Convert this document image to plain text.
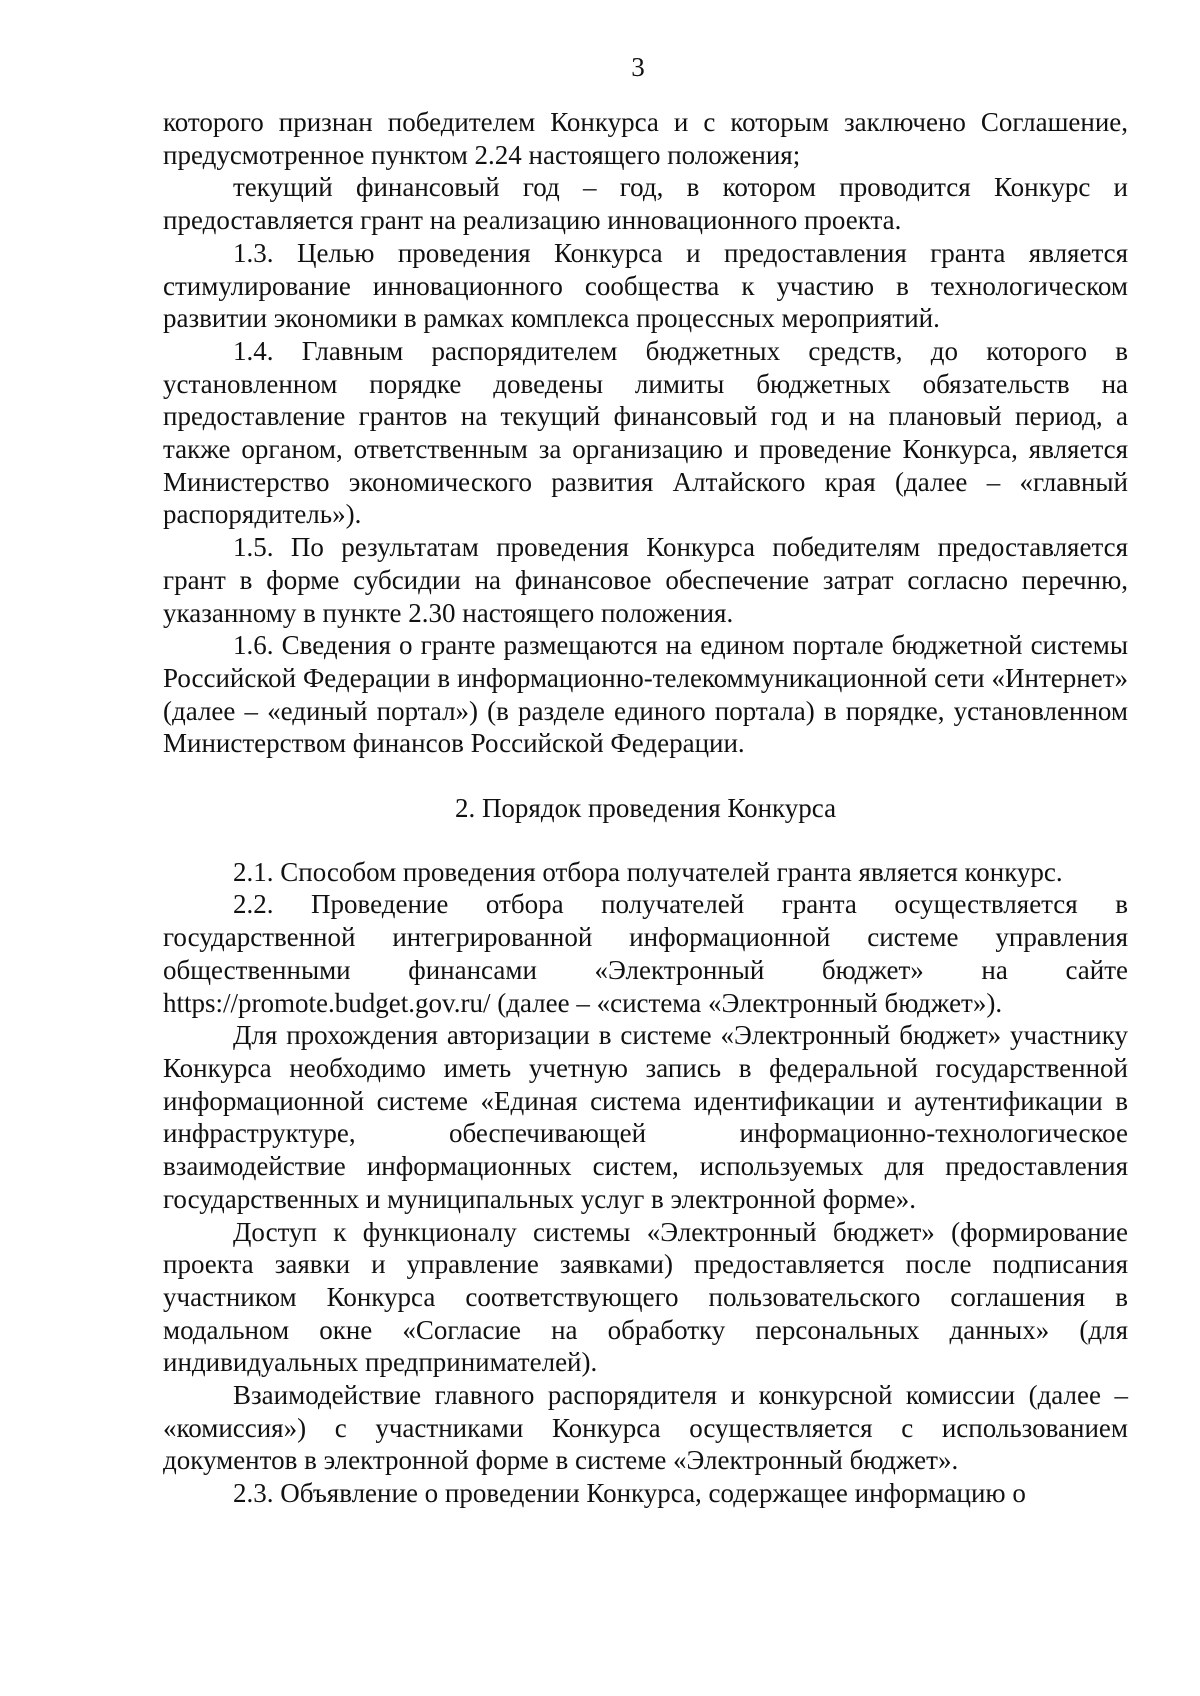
3

которого признан победителем Конкурса и с которым заключено Соглашение, предусмотренное пунктом 2.24 настоящего положения;

текущий финансовый год – год, в котором проводится Конкурс и предоставляется грант на реализацию инновационного проекта.

1.3. Целью проведения Конкурса и предоставления гранта является стимулирование инновационного сообщества к участию в технологическом развитии экономики в рамках комплекса процессных мероприятий.

1.4. Главным распорядителем бюджетных средств, до которого в установленном порядке доведены лимиты бюджетных обязательств на предоставление грантов на текущий финансовый год и на плановый период, а также органом, ответственным за организацию и проведение Конкурса, является Министерство экономического развития Алтайского края (далее – «главный распорядитель»).

1.5. По результатам проведения Конкурса победителям предоставляется грант в форме субсидии на финансовое обеспечение затрат согласно перечню, указанному в пункте 2.30 настоящего положения.

1.6. Сведения о гранте размещаются на едином портале бюджетной системы Российской Федерации в информационно-телекоммуникационной сети «Интернет» (далее – «единый портал») (в разделе единого портала) в порядке, установленном Министерством финансов Российской Федерации.

2. Порядок проведения Конкурса

2.1. Способом проведения отбора получателей гранта является конкурс.

2.2. Проведение отбора получателей гранта осуществляется в государственной интегрированной информационной системе управления общественными финансами «Электронный бюджет» на сайте https://promote.budget.gov.ru/ (далее – «система «Электронный бюджет»).

Для прохождения авторизации в системе «Электронный бюджет» участнику Конкурса необходимо иметь учетную запись в федеральной государственной информационной системе «Единая система идентификации и аутентификации в инфраструктуре, обеспечивающей информационно-технологическое взаимодействие информационных систем, используемых для предоставления государственных и муниципальных услуг в электронной форме».

Доступ к функционалу системы «Электронный бюджет» (формирование проекта заявки и управление заявками) предоставляется после подписания участником Конкурса соответствующего пользовательского соглашения в модальном окне «Согласие на обработку персональных данных» (для индивидуальных предпринимателей).

Взаимодействие главного распорядителя и конкурсной комиссии (далее – «комиссия») с участниками Конкурса осуществляется с использованием документов в электронной форме в системе «Электронный бюджет».

2.3. Объявление о проведении Конкурса, содержащее информацию о
